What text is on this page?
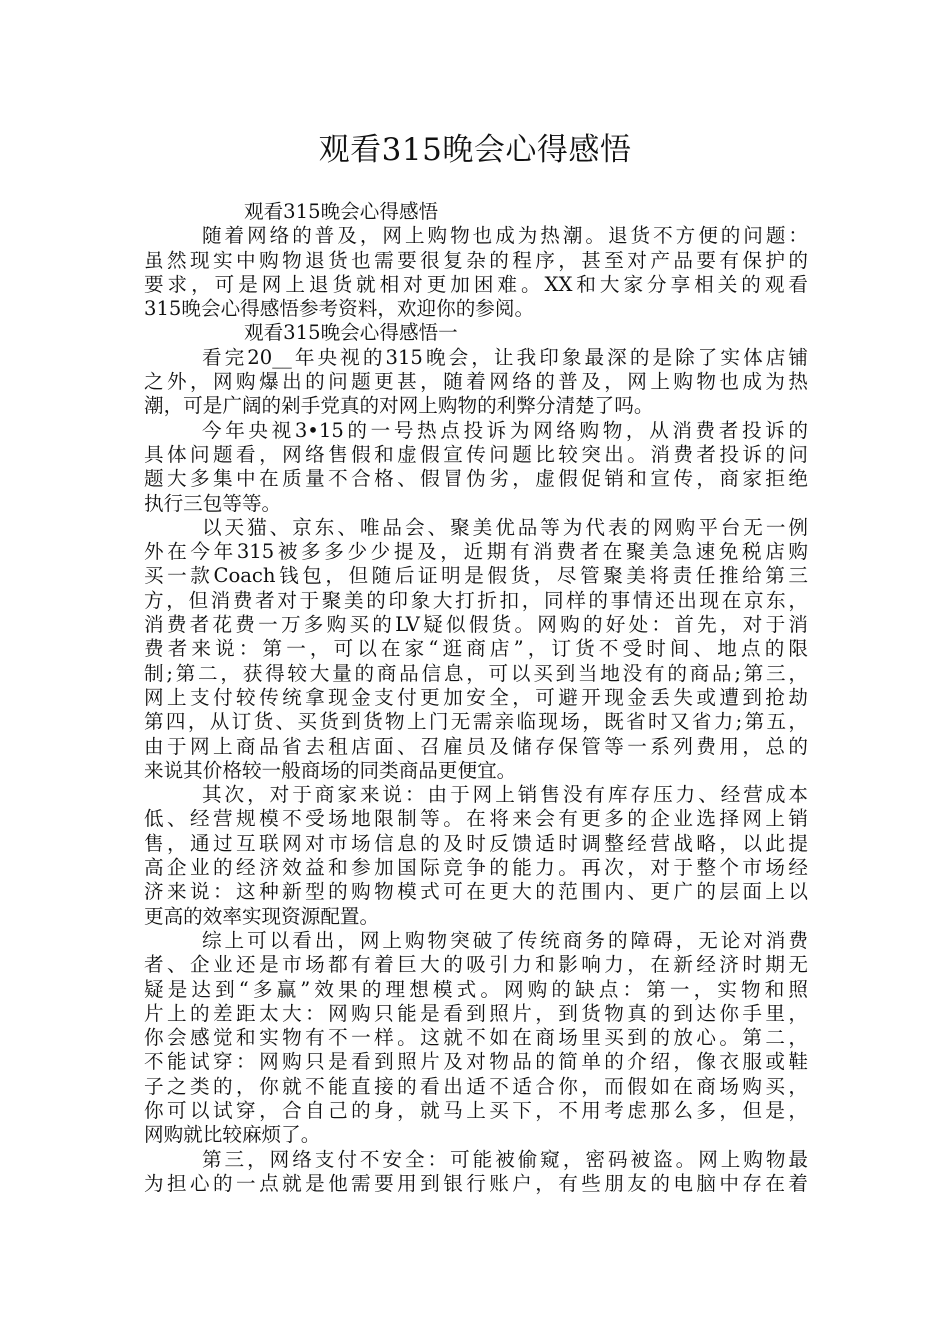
观看315晚会心得感悟
观看315晚会心得感悟
随着网络的普及，网上购物也成为热潮。退货不方便的问题：
虽然现实中购物退货也需要很复杂的程序，甚至对产品要有保护的
要求，可是网上退货就相对更加困难。XX和大家分享相关的观看
315晚会心得感悟参考资料，欢迎你的参阅。
观看315晚会心得感悟一
看完20__年央视的315晚会，让我印象最深的是除了实体店铺
之外，网购爆出的问题更甚，随着网络的普及，网上购物也成为热
潮，可是广阔的剁手党真的对网上购物的利弊分清楚了吗。
今年央视3•15的一号热点投诉为网络购物，从消费者投诉的
具体问题看，网络售假和虚假宣传问题比较突出。消费者投诉的问
题大多集中在质量不合格、假冒伪劣，虚假促销和宣传，商家拒绝
执行三包等等。
以天猫、京东、唯品会、聚美优品等为代表的网购平台无一例
外在今年315被多多少少提及，近期有消费者在聚美急速免税店购
买一款Coach钱包，但随后证明是假货，尽管聚美将责任推给第三
方，但消费者对于聚美的印象大打折扣，同样的事情还出现在京东，
消费者花费一万多购买的LV疑似假货。网购的好处：首先，对于消
费者来说：第一，可以在家“逛商店”，订货不受时间、地点的限
制;第二，获得较大量的商品信息，可以买到当地没有的商品;第三，
网上支付较传统拿现金支付更加安全，可避开现金丢失或遭到抢劫
第四，从订货、买货到货物上门无需亲临现场，既省时又省力;第五，
由于网上商品省去租店面、召雇员及储存保管等一系列费用，总的
来说其价格较一般商场的同类商品更便宜。
其次，对于商家来说：由于网上销售没有库存压力、经营成本
低、经营规模不受场地限制等。在将来会有更多的企业选择网上销
售，通过互联网对市场信息的及时反馈适时调整经营战略，以此提
高企业的经济效益和参加国际竞争的能力。再次，对于整个市场经
济来说：这种新型的购物模式可在更大的范围内、更广的层面上以
更高的效率实现资源配置。
综上可以看出，网上购物突破了传统商务的障碍，无论对消费
者、企业还是市场都有着巨大的吸引力和影响力，在新经济时期无
疑是达到“多赢”效果的理想模式。网购的缺点：第一，实物和照
片上的差距太大：网购只能是看到照片，到货物真的到达你手里，
你会感觉和实物有不一样。这就不如在商场里买到的放心。第二，
不能试穿：网购只是看到照片及对物品的简单的介绍，像衣服或鞋
子之类的，你就不能直接的看出适不适合你，而假如在商场购买，
你可以试穿，合自己的身，就马上买下，不用考虑那么多，但是，
网购就比较麻烦了。
第三，网络支付不安全：可能被偷窥，密码被盗。网上购物最
为担心的一点就是他需要用到银行账户，有些朋友的电脑中存在着
